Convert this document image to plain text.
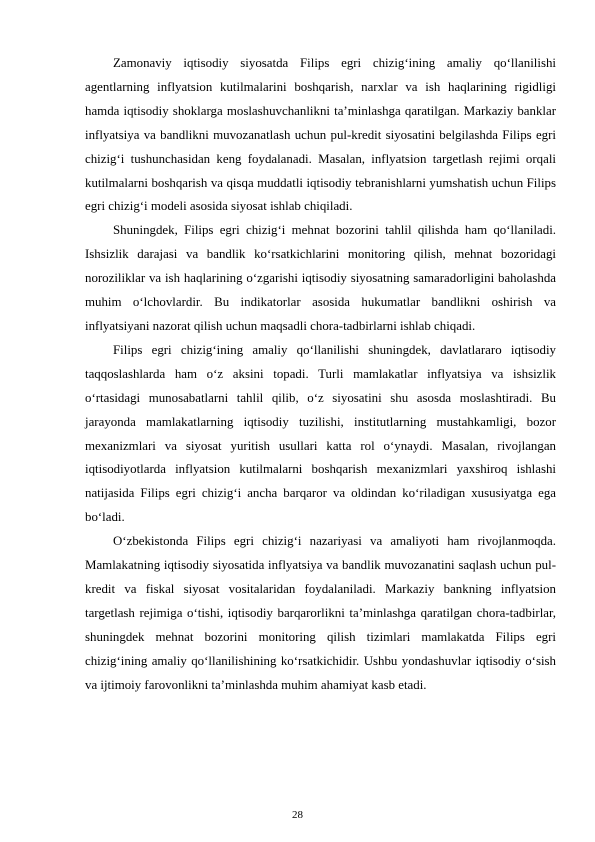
Zamonaviy iqtisodiy siyosatda Filips egri chizig‘ining amaliy qo‘llanilishi agentlarning inflyatsion kutilmalarini boshqarish, narxlar va ish haqlarining rigidligi hamda iqtisodiy shoklarga moslashuvchanlikni ta’minlashga qaratilgan. Markaziy banklar inflyatsiya va bandlikni muvozanatlash uchun pul-kredit siyosatini belgilashda Filips egri chizig‘i tushunchasidan keng foydalanadi. Masalan, inflyatsion targetlash rejimi orqali kutilmalarni boshqarish va qisqa muddatli iqtisodiy tebranishlarni yumshatish uchun Filips egri chizig‘i modeli asosida siyosat ishlab chiqiladi.

Shuningdek, Filips egri chizig‘i mehnat bozorini tahlil qilishda ham qo‘llaniladi. Ishsizlik darajasi va bandlik ko‘rsatkichlarini monitoring qilish, mehnat bozoridagi noroziliklar va ish haqlarining o‘zgarishi iqtisodiy siyosatning samaradorligini baholashda muhim o‘lchovlardir. Bu indikatorlar asosida hukumatlar bandlikni oshirish va inflyatsiyani nazorat qilish uchun maqsadli chora-tadbirlarni ishlab chiqadi.

Filips egri chizig‘ining amaliy qo‘llanilishi shuningdek, davlatlararo iqtisodiy taqqoslashlarda ham o‘z aksini topadi. Turli mamlakatlar inflyatsiya va ishsizlik o‘rtasidagi munosabatlarni tahlil qilib, o‘z siyosatini shu asosda moslashtiradi. Bu jarayonda mamlakatlarning iqtisodiy tuzilishi, institutlarning mustahkamligi, bozor mexanizmlari va siyosat yuritish usullari katta rol o‘ynaydi. Masalan, rivojlangan iqtisodiyotlarda inflyatsion kutilmalarni boshqarish mexanizmlari yaxshiroq ishlashi natijasida Filips egri chizig‘i ancha barqaror va oldindan ko‘riladigan xususiyatga ega bo‘ladi.

O‘zbekistonda Filips egri chizig‘i nazariyasi va amaliyoti ham rivojlanmoqda. Mamlakatning iqtisodiy siyosatida inflyatsiya va bandlik muvozanatini saqlash uchun pul-kredit va fiskal siyosat vositalaridan foydalaniladi. Markaziy bankning inflyatsion targetlash rejimiga o‘tishi, iqtisodiy barqarorlikni ta’minlashga qaratilgan chora-tadbirlar, shuningdek mehnat bozorini monitoring qilish tizimlari mamlakatda Filips egri chizig‘ining amaliy qo‘llanilishining ko‘rsatkichidir. Ushbu yondashuvlar iqtisodiy o‘sish va ijtimoiy farovonlikni ta’minlashda muhim ahamiyat kasb etadi.

28
